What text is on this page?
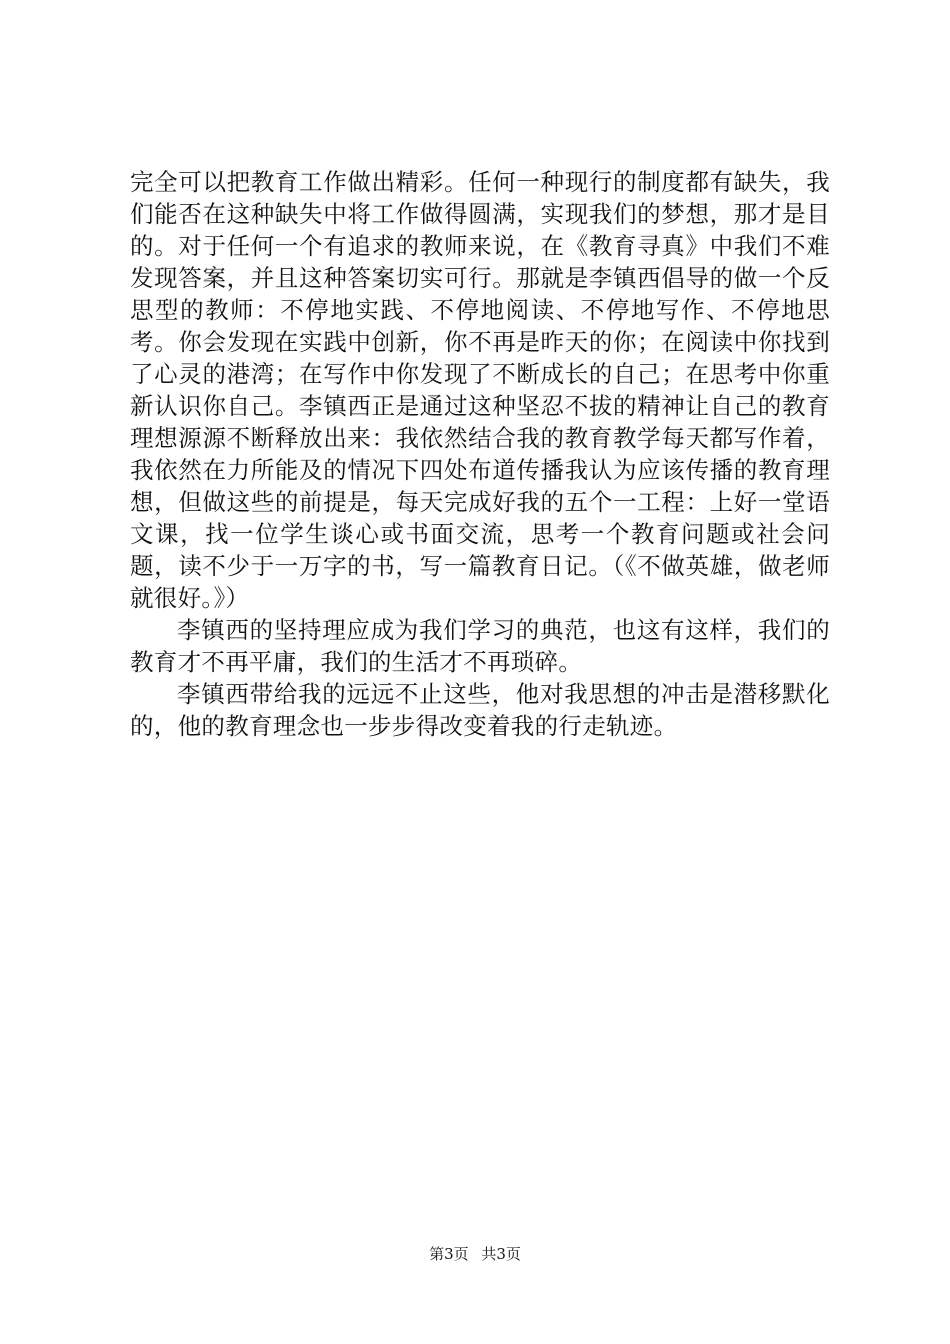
完全可以把教育工作做出精彩。任何一种现行的制度都有缺失，我们能否在这种缺失中将工作做得圆满，实现我们的梦想，那才是目的。对于任何一个有追求的教师来说，在《教育寻真》中我们不难发现答案，并且这种答案切实可行。那就是李镇西倡导的做一个反思型的教师：不停地实践、不停地阅读、不停地写作、不停地思考。你会发现在实践中创新，你不再是昨天的你；在阅读中你找到了心灵的港湾；在写作中你发现了不断成长的自己；在思考中你重新认识你自己。李镇西正是通过这种坚忍不拔的精神让自己的教育理想源源不断释放出来：我依然结合我的教育教学每天都写作着，我依然在力所能及的情况下四处布道传播我认为应该传播的教育理想，但做这些的前提是，每天完成好我的五个一工程：上好一堂语文课，找一位学生谈心或书面交流，思考一个教育问题或社会问题，读不少于一万字的书，写一篇教育日记。（《不做英雄，做老师就很好。》）

李镇西的坚持理应成为我们学习的典范，也这有这样，我们的教育才不再平庸，我们的生活才不再琐碎。

李镇西带给我的远远不止这些，他对我思想的冲击是潜移默化的，他的教育理念也一步步得改变着我的行走轨迹。

第3页 共3页
